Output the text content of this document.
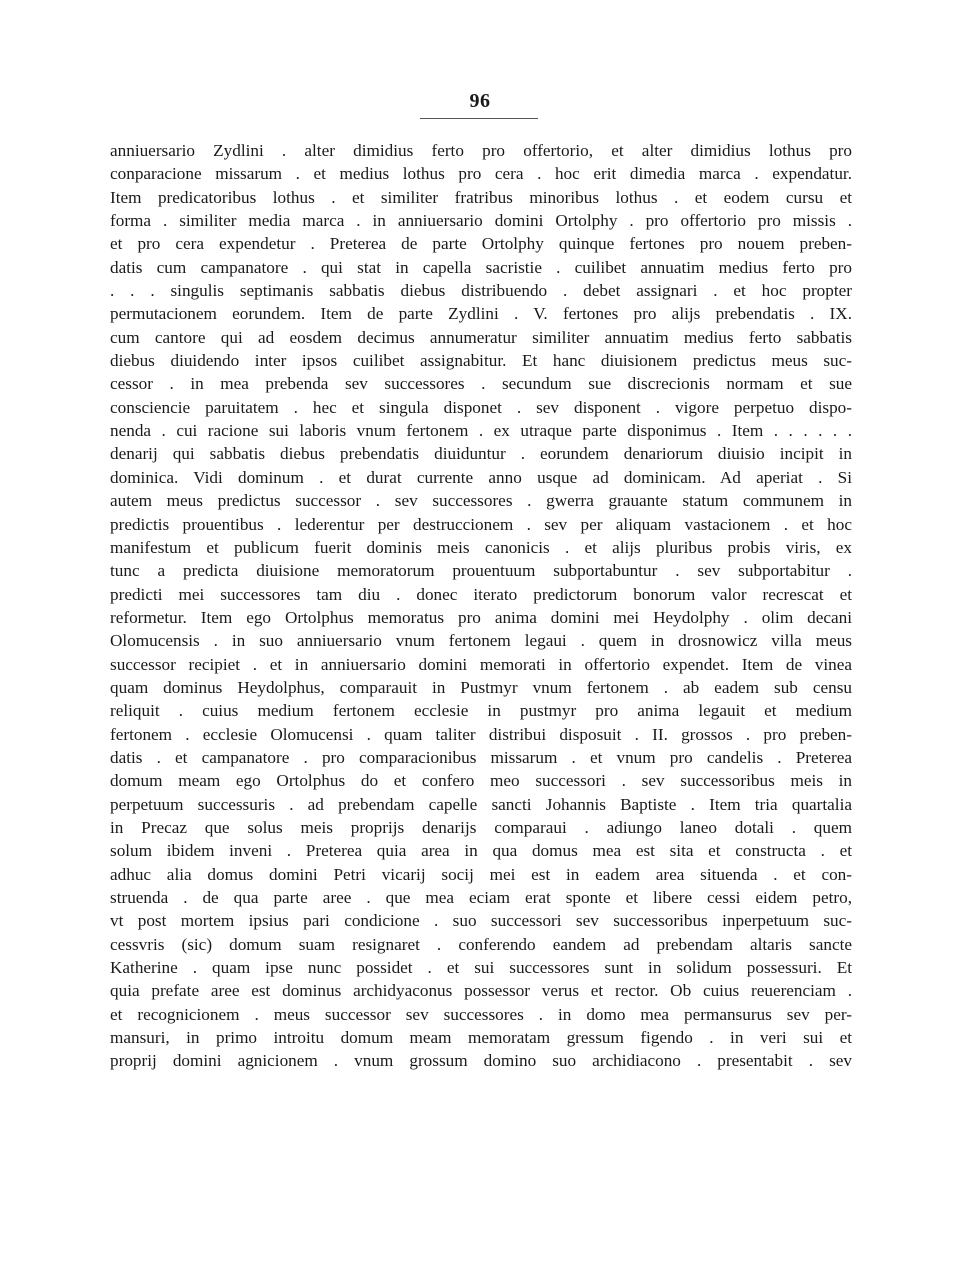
96
anniuersario Zydlini . alter dimidius ferto pro offertorio, et alter dimidius lothus pro
conparacione missarum . et medius lothus pro cera . hoc erit dimedia marca . expendatur.
Item predicatoribus lothus . et similiter fratribus minoribus lothus . et eodem cursu et
forma . similiter media marca . in anniuersario domini Ortolphy . pro offertorio pro missis .
et pro cera expendetur . Preterea de parte Ortolphy quinque fertones pro nouem preben-
datis cum campanatore . qui stat in capella sacristie . cuilibet annuatim medius ferto pro
. . . singulis septimanis sabbatis diebus distribuendo . debet assignari . et hoc propter
permutacionem eorundem. Item de parte Zydlini . V. fertones pro alijs prebendatis . IX.
cum cantore qui ad eosdem decimus annumeratur similiter annuatim medius ferto sabbatis
diebus diuidendo inter ipsos cuilibet assignabitur. Et hanc diuisionem predictus meus suc-
cessor . in mea prebenda sev successores . secundum sue discrecionis normam et sue
consciencie paruitatem . hec et singula disponet . sev disponent . vigore perpetuo dispo-
nenda . cui racione sui laboris vnum fertonem . ex utraque parte disponimus . Item . . . . . .
denarij qui sabbatis diebus prebendatis diuiduntur . eorundem denariorum diuisio incipit in
dominica. Vidi dominum . et durat currente anno usque ad dominicam. Ad aperiat . Si
autem meus predictus successor . sev successores . gwerra grauante statum communem in
predictis prouentibus . lederentur per destruccionem . sev per aliquam vastacionem . et hoc
manifestum et publicum fuerit dominis meis canonicis . et alijs pluribus probis viris, ex
tunc a predicta diuisione memoratorum prouentuum subportabuntur . sev subportabitur .
predicti mei successores tam diu . donec iterato predictorum bonorum valor recrescat et
reformetur. Item ego Ortolphus memoratus pro anima domini mei Heydolphy . olim decani
Olomucensis . in suo anniuersario vnum fertonem legaui . quem in drosnowicz villa meus
successor recipiet . et in anniuersario domini memorati in offertorio expendet. Item de vinea
quam dominus Heydolphus, comparauit in Pustmyr vnum fertonem . ab eadem sub censu
reliquit . cuius medium fertonem ecclesie in pustmyr pro anima legauit et medium
fertonem . ecclesie Olomucensi . quam taliter distribui disposuit . II. grossos . pro preben-
datis . et campanatore . pro comparacionibus missarum . et vnum pro candelis . Preterea
domum meam ego Ortolphus do et confero meo successori . sev successoribus meis in
perpetuum successuris . ad prebendam capelle sancti Johannis Baptiste . Item tria quartalia
in Precaz que solus meis proprijs denarijs comparaui . adiungo laneo dotali . quem
solum ibidem inveni . Preterea quia area in qua domus mea est sita et constructa . et
adhuc alia domus domini Petri vicarij socij mei est in eadem area situenda . et con-
struenda . de qua parte aree . que mea eciam erat sponte et libere cessi eidem petro,
vt post mortem ipsius pari condicione . suo successori sev successoribus inperpetuum suc-
cessvris (sic) domum suam resignaret . conferendo eandem ad prebendam altaris sancte
Katherine . quam ipse nunc possidet . et sui successores sunt in solidum possessuri. Et
quia prefate aree est dominus archidyaconus possessor verus et rector. Ob cuius reuerenciam .
et recognicionem . meus successor sev successores . in domo mea permansurus sev per-
mansuri, in primo introitu domum meam memoratam gressum figendo . in veri sui et
proprij domini agnicionem . vnum grossum domino suo archidiacono . presentabit . sev
